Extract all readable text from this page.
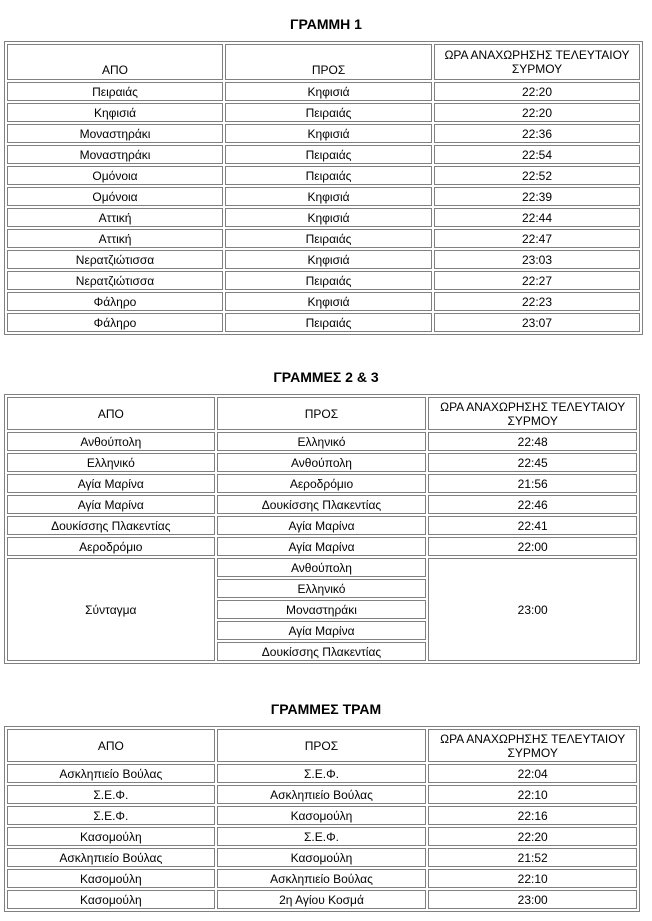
ΓΡΑΜΜΗ 1
ΑΠΟ	ΠΡΟΣ	ΩΡΑ ΑΝΑΧΩΡΗΣΗΣ ΤΕΛΕΥΤΑΙΟΥ ΣΥΡΜΟΥ
Πειραιάς	Κηφισιά	22:20
Κηφισιά	Πειραιάς	22:20
Μοναστηράκι	Κηφισιά	22:36
Μοναστηράκι	Πειραιάς	22:54
Ομόνοια	Πειραιάς	22:52
Ομόνοια	Κηφισιά	22:39
Αττική	Κηφισιά	22:44
Αττική	Πειραιάς	22:47
Νερατζιώτισσα	Κηφισιά	23:03
Νερατζιώτισσα	Πειραιάς	22:27
Φάληρο	Κηφισιά	22:23
Φάληρο	Πειραιάς	23:07
ΓΡΑΜΜΕΣ 2 & 3
ΑΠΟ	ΠΡΟΣ	ΩΡΑ ΑΝΑΧΩΡΗΣΗΣ ΤΕΛΕΥΤΑΙΟΥ ΣΥΡΜΟΥ
Ανθούπολη	Ελληνικό	22:48
Ελληνικό	Ανθούπολη	22:45
Αγία Μαρίνα	Αεροδρόμιο	21:56
Αγία Μαρίνα	Δουκίσσης Πλακεντίας	22:46
Δουκίσσης Πλακεντίας	Αγία Μαρίνα	22:41
Αεροδρόμιο	Αγία Μαρίνα	22:00
Σύνταγμα	Ανθούπολη	23:00
	Ελληνικό	
	Μοναστηράκι	
	Αγία Μαρίνα	
	Δουκίσσης Πλακεντίας	
ΓΡΑΜΜΕΣ ΤΡΑΜ
ΑΠΟ	ΠΡΟΣ	ΩΡΑ ΑΝΑΧΩΡΗΣΗΣ ΤΕΛΕΥΤΑΙΟΥ ΣΥΡΜΟΥ
Ασκληπιείο Βούλας	Σ.Ε.Φ.	22:04
Σ.Ε.Φ.	Ασκληπιείο Βούλας	22:10
Σ.Ε.Φ.	Κασομούλη	22:16
Κασομούλη	Σ.Ε.Φ.	22:20
Ασκληπιείο Βούλας	Κασομούλη	21:52
Κασομούλη	Ασκληπιείο Βούλας	22:10
Κασομούλη	2η Αγίου Κοσμά	23:00
